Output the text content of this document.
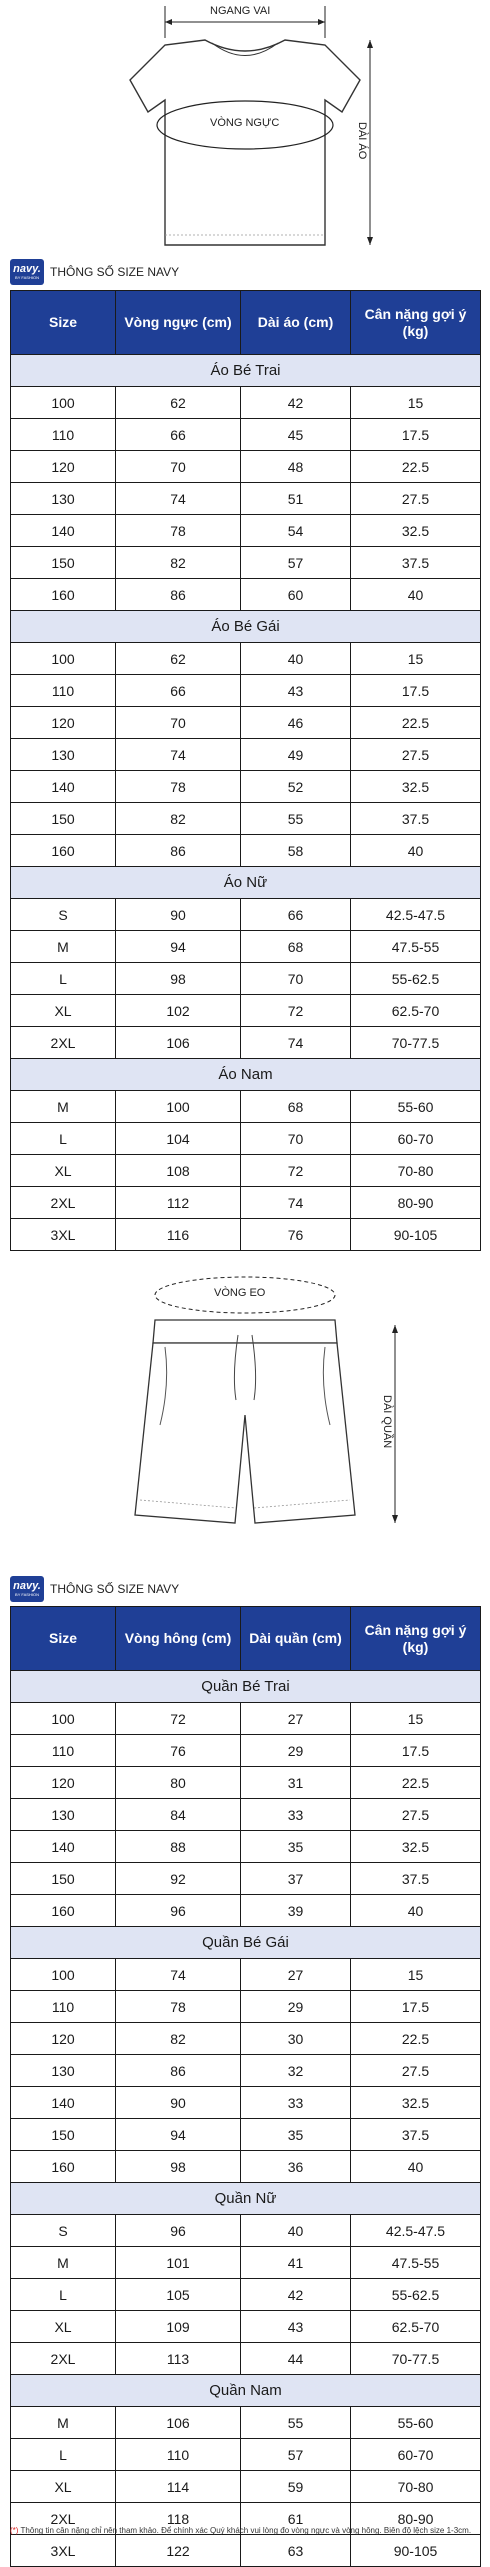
NGANG VAI
VÒNG NGỰC	DÀI ÁO
navy.
BY FASHION THÔNG SỐ SIZE NAVY
Size	Vòng ngực (cm)	Dài áo (cm)	Cân nặng gợi ý (kg)
Áo Bé Trai			
100	62	42	15
110	66	45	17.5
120	70	48	22.5
130	74	51	27.5
140	78	54	32.5
150	82	57	37.5
160	86	60	40
Áo Bé Gái			
100	62	40	15
110	66	43	17.5
120	70	46	22.5
130	74	49	27.5
140	78	52	32.5
150	82	55	37.5
160	86	58	40
Áo Nữ			
S	90	66	42.5-47.5
M	94	68	47.5-55
L	98	70	55-62.5
XL	102	72	62.5-70
2XL	106	74	70-77.5
Áo Nam			
M	100	68	55-60
L	104	70	60-70
XL	108	72	70-80
2XL	112	74	80-90
3XL	116	76	90-105
VÒNG EO
DÀI QUẦN
navy.
BY FASHION THÔNG SỐ SIZE NAVY
Size	Vòng hông (cm)	Dài quần (cm)	Cân nặng gợi ý (kg)
Quần Bé Trai			
100	72	27	15
110	76	29	17.5
120	80	31	22.5
130	84	33	27.5
140	88	35	32.5
150	92	37	37.5
160	96	39	40
Quần Bé Gái			
100	74	27	15
110	78	29	17.5
120	82	30	22.5
130	86	32	27.5
140	90	33	32.5
150	94	35	37.5
160	98	36	40
Quần Nữ			
S	96	40	42.5-47.5
M	101	41	47.5-55
L	105	42	55-62.5
XL	109	43	62.5-70
2XL	113	44	70-77.5
Quần Nam			
M	106	55	55-60
L	110	57	60-70
XL	114	59	70-80
2XL	118	61	80-90
3XL	122	63	90-105
(*) Thông tin cân nặng chỉ nên tham khảo. Để chính xác Quý khách vui lòng đo vòng ngực và vòng hông. Biên độ lệch size 1-3cm.
